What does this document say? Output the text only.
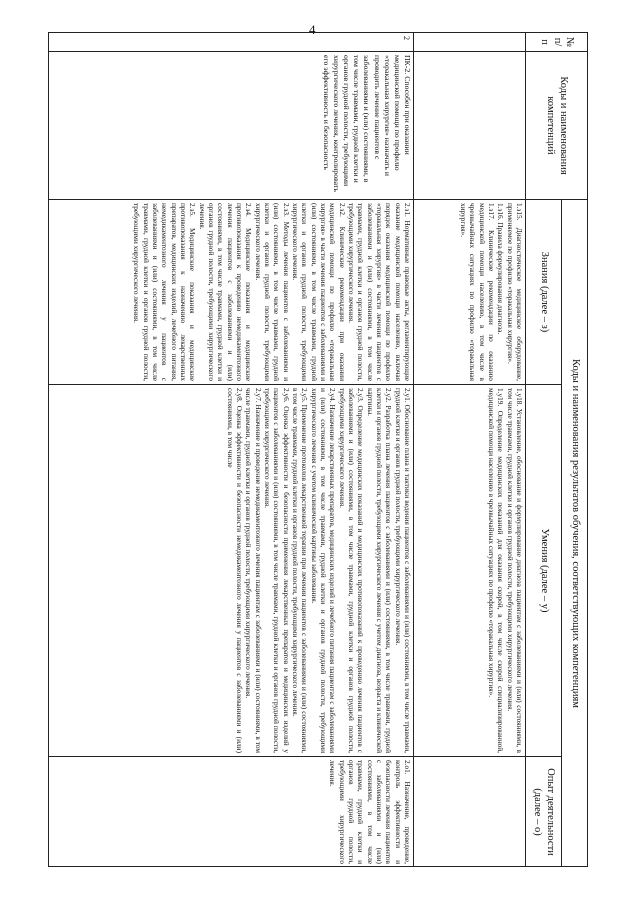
4
№ п/п
Коды и наименования компетенций
Коды и наименования результатов обучения, соответствующих компетенциям
Знания (далее – з)
Умения (далее – у)
Опыт деятельности (далее – о)

1.з15. Диагностическое медицинское оборудование, применяемое по профилю «торакальная хирургия».

1.з16. Правила формулирования диагноза.

1.з17. Клинические рекомендации по оказанию медицинской помощи населению, в том числе в чрезвычайных ситуациях по профилю «торакальная хирургия».

1.у18. Установление, обоснование и формулирование диагноза пациентам с заболеваниями и (или) состояниями, в том числе травмами, грудной клетки и органов грудной полости, требующими хирургического лечения.

1.у19. Определение медицинских показаний для оказания скорой, в том числе скорой специализированной, медицинской помощи населению в чрезвычайных ситуациях по профилю «торакальная хирургия».

2
ПК-2. Способен при оказании медицинской помощи по профилю «торакальная хирургия» назначать и проводить лечение пациентов с заболеваниями и (или) состояниями, в том числе травмами, грудной клетки и органов грудной полости, требующими хирургического лечения, контролировать его эффективность и безопасность

2.з1. Нормативные правовые акты, регламентирующие оказание медицинской помощи населению, включая порядок оказания медицинской помощи по профилю «торакальная хирургия» в части лечения пациентов с заболеваниями и (или) состояниями, в том числе травмами, грудной клетки и органов грудной полости, требующими хирургического лечения.

2.з2. Клинические рекомендации при оказании медицинской помощи по профилю «торакальная хирургия» в части лечения пациентов с заболеваниями и (или) состояниями, в том числе травмами, грудной клетки и органов грудной полости, требующими хирургического лечения.

2.з3. Методы лечения пациентов с заболеваниями и (или) состояниями, в том числе травмами, грудной клетки и органов грудной полости, требующими хирургического лечения.

2.з4. Медицинские показания и медицинские противопоказания к проведению немедикаментозного лечения пациентов с заболеваниями и (или) состояниями, в том числе травмами, грудной клетки и органов грудной полости, требующими хирургического лечения.

2.з5. Медицинские показания и медицинские противопоказания к назначению лекарственных препаратов, медицинских изделий, лечебного питания, немедикаментозного лечения у пациентов с заболеваниями и (или) состояниями, в том числе травмами, грудной клетки и органов грудной полости, требующими хирургического лечения.

2.у1. Обоснование плана и тактики ведения пациентов с заболеваниями и (или) состояниями, в том числе травмами, грудной клетки и органов грудной полости, требующими хирургического лечения.

2.у2. Разработка плана лечения пациентов с заболеваниями и (или) состояниями, в том числе травмами, грудной клетки и органов грудной полости, требующими хирургического лечения с учетом диагноза, возраста и клинической картины.

2.у3. Определение медицинских показаний и медицинских противопоказаний к проведению лечения пациентов с заболеваниями и (или) состояниями, в том числе травмами, грудной клетки и органов грудной полости, требующими хирургического лечения.

2.у4. Назначение лекарственных препаратов, медицинских изделий и лечебного питания пациентам с заболеваниями и (или) состояниями, в том числе травмами, грудной клетки и органов грудной полости, требующими хирургического лечения с учетом клинической картины заболевания.

2.у5. Применение протоколов лекарственной терапии при лечении пациентов с заболеваниями и (или) состояниями, в том числе травмами, грудной клетки и органов грудной полости, требующими хирургического лечения.

2.у6. Оценка эффективности и безопасности применения лекарственных препаратов и медицинских изделий у пациентов с заболеваниями и (или) состояниями, в том числе травмами, грудной клетки и органов грудной полости, требующими хирургического лечения.

2.у7. Назначение и проведение немедикаментозного лечения пациентам с заболеваниями и (или) состояниями, в том числе травмами, грудной клетки и органов грудной полости, требующими хирургического лечения.

2.у8. Оценка эффективности и безопасности немедикаментозного лечения у пациентов с заболеваниями и (или) состояниями, в том числе

2.о1. Назначение, проведение, контроль эффективности и безопасности лечения пациентов с заболеваниями и (или) состояниями, в том числе травмами, грудной клетки и органов грудной полости, требующими хирургического лечения.
